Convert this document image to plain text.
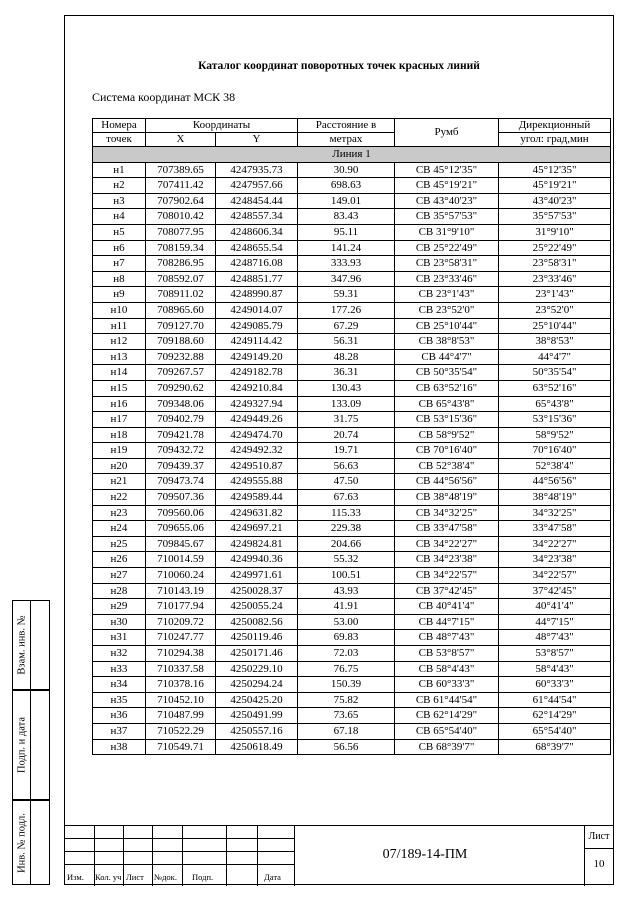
Каталог координат поворотных точек красных линий
Система координат МСК 38
Номера	Координаты		Расстояние в	Румб	Дирекционный
точек	X	Y	метрах		угол: град,мин
Линия 1					
н1	707389.65	4247935.73	30.90	СВ 45°12'35"	45°12'35"
н2	707411.42	4247957.66	698.63	СВ 45°19'21"	45°19'21"
н3	707902.64	4248454.44	149.01	СВ 43°40'23"	43°40'23"
н4	708010.42	4248557.34	83.43	СВ 35°57'53"	35°57'53"
н5	708077.95	4248606.34	95.11	СВ 31°9'10"	31°9'10"
н6	708159.34	4248655.54	141.24	СВ 25°22'49"	25°22'49"
н7	708286.95	4248716.08	333.93	СВ 23°58'31"	23°58'31"
н8	708592.07	4248851.77	347.96	СВ 23°33'46"	23°33'46"
н9	708911.02	4248990.87	59.31	СВ 23°1'43"	23°1'43"
н10	708965.60	4249014.07	177.26	СВ 23°52'0"	23°52'0"
н11	709127.70	4249085.79	67.29	СВ 25°10'44"	25°10'44"
н12	709188.60	4249114.42	56.31	СВ 38°8'53"	38°8'53"
н13	709232.88	4249149.20	48.28	СВ 44°4'7"	44°4'7"
н14	709267.57	4249182.78	36.31	СВ 50°35'54"	50°35'54"
н15	709290.62	4249210.84	130.43	СВ 63°52'16"	63°52'16"
н16	709348.06	4249327.94	133.09	СВ 65°43'8"	65°43'8"
н17	709402.79	4249449.26	31.75	СВ 53°15'36"	53°15'36"
н18	709421.78	4249474.70	20.74	СВ 58°9'52"	58°9'52"
н19	709432.72	4249492.32	19.71	СВ 70°16'40"	70°16'40"
н20	709439.37	4249510.87	56.63	СВ 52°38'4"	52°38'4"
н21	709473.74	4249555.88	47.50	СВ 44°56'56"	44°56'56"
н22	709507.36	4249589.44	67.63	СВ 38°48'19"	38°48'19"
н23	709560.06	4249631.82	115.33	СВ 34°32'25"	34°32'25"
н24	709655.06	4249697.21	229.38	СВ 33°47'58"	33°47'58"
н25	709845.67	4249824.81	204.66	СВ 34°22'27"	34°22'27"
н26	710014.59	4249940.36	55.32	СВ 34°23'38"	34°23'38"
н27	710060.24	4249971.61	100.51	СВ 34°22'57"	34°22'57"
н28	710143.19	4250028.37	43.93	СВ 37°42'45"	37°42'45"
н29	710177.94	4250055.24	41.91	СВ 40°41'4"	40°41'4"
н30	710209.72	4250082.56	53.00	СВ 44°7'15"	44°7'15"
н31	710247.77	4250119.46	69.83	СВ 48°7'43"	48°7'43"
н32	710294.38	4250171.46	72.03	СВ 53°8'57"	53°8'57"
н33	710337.58	4250229.10	76.75	СВ 58°4'43"	58°4'43"
н34	710378.16	4250294.24	150.39	СВ 60°33'3"	60°33'3"
н35	710452.10	4250425.20	75.82	СВ 61°44'54"	61°44'54"
н36	710487.99	4250491.99	73.65	СВ 62°14'29"	62°14'29"
н37	710522.29	4250557.16	67.18	СВ 65°54'40"	65°54'40"
н38	710549.71	4250618.49	56.56	СВ 68°39'7"	68°39'7"
Взам. инв. №
Подп. и дата
Инв. № подл.
Изм. Кол. уч Лист №док. Подп.	Дата
07/189-14-ПМ
Лист
10
